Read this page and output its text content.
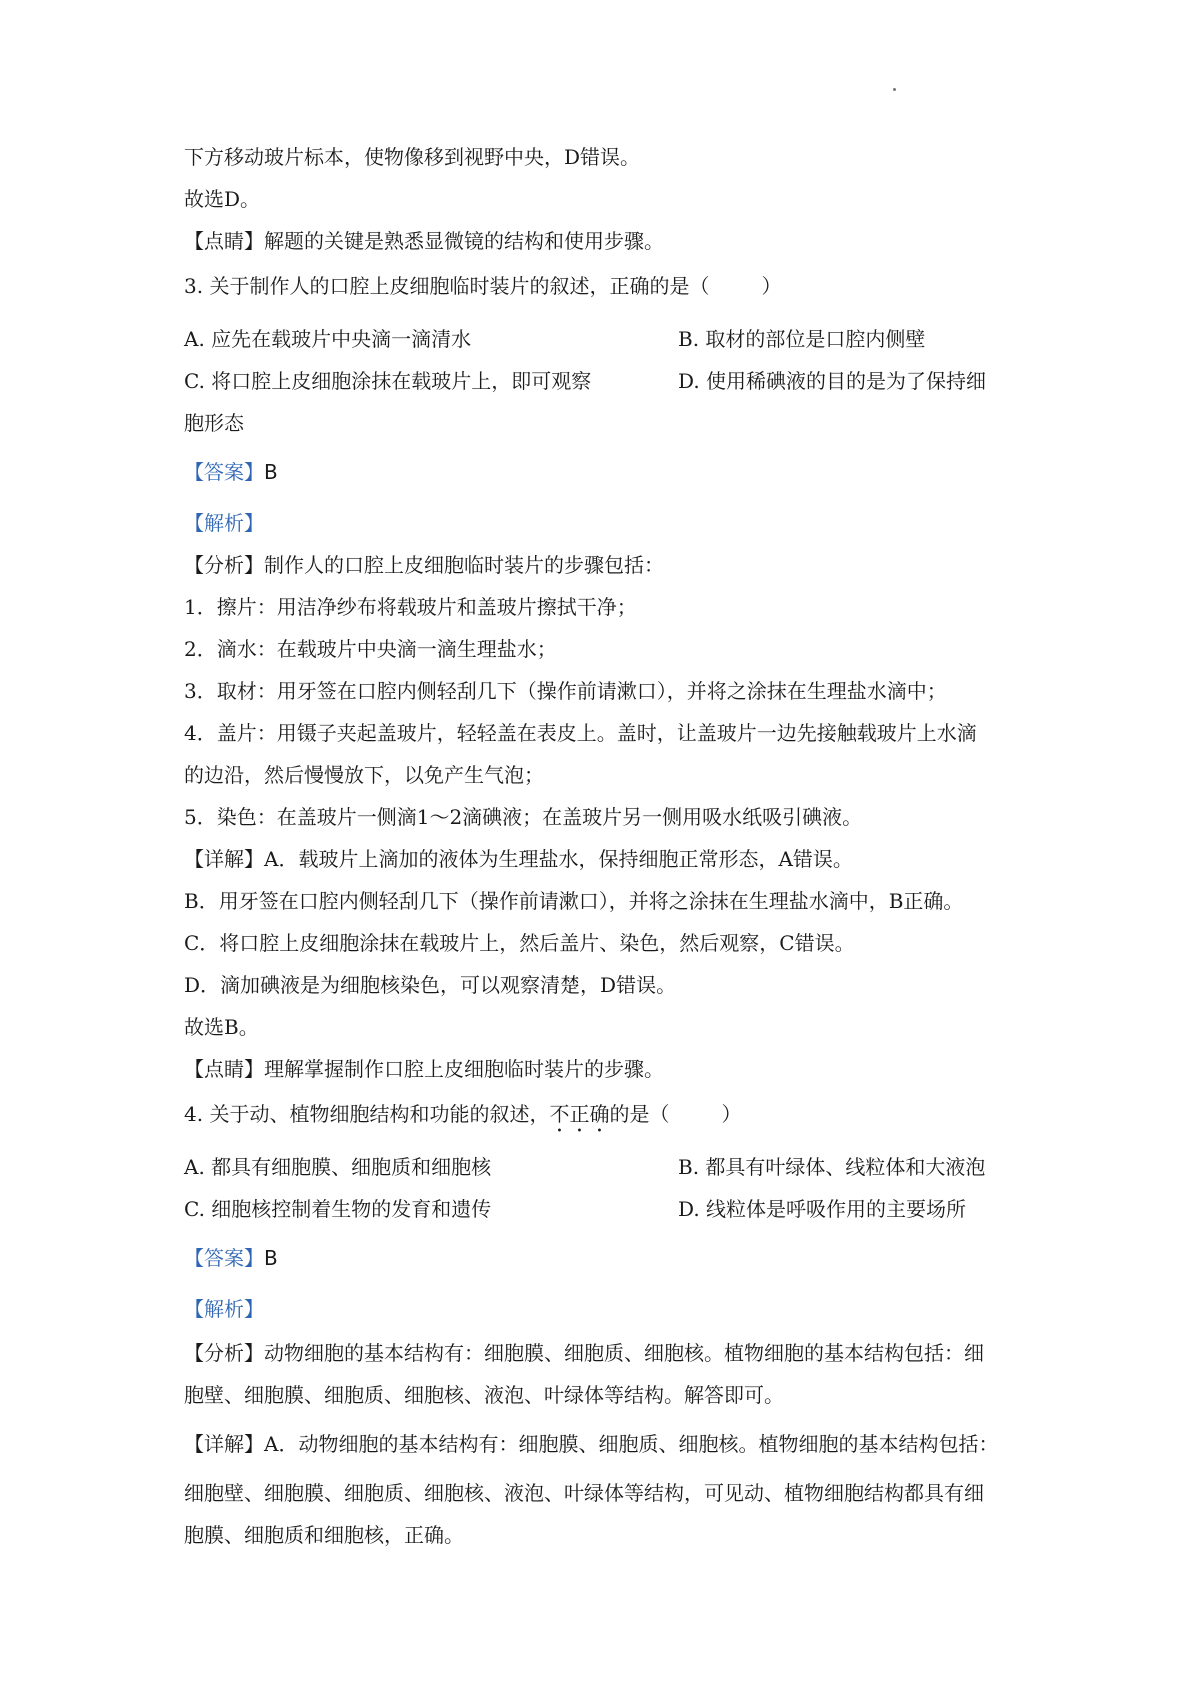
下方移动玻片标本，使物像移到视野中央，D错误。
故选D。
【点睛】解题的关键是熟悉显微镜的结构和使用步骤。
3. 关于制作人的口腔上皮细胞临时装片的叙述，正确的是（	）
A. 应先在载玻片中央滴一滴清水	B. 取材的部位是口腔内侧壁
C. 将口腔上皮细胞涂抹在载玻片上，即可观察	D. 使用稀碘液的目的是为了保持细
胞形态
【答案】B
【解析】
【分析】制作人的口腔上皮细胞临时装片的步骤包括：
1．擦片：用洁净纱布将载玻片和盖玻片擦拭干净；
2．滴水：在载玻片中央滴一滴生理盐水；
3．取材：用牙签在口腔内侧轻刮几下（操作前请漱口），并将之涂抹在生理盐水滴中；
4．盖片：用镊子夹起盖玻片，轻轻盖在表皮上。盖时，让盖玻片一边先接触载玻片上水滴
的边沿，然后慢慢放下，以免产生气泡；
5．染色：在盖玻片一侧滴1～2滴碘液；在盖玻片另一侧用吸水纸吸引碘液。
【详解】A．载玻片上滴加的液体为生理盐水，保持细胞正常形态，A错误。
B．用牙签在口腔内侧轻刮几下（操作前请漱口），并将之涂抹在生理盐水滴中，B正确。
C．将口腔上皮细胞涂抹在载玻片上，然后盖片、染色，然后观察，C错误。
D．滴加碘液是为细胞核染色，可以观察清楚，D错误。
故选B。
【点睛】理解掌握制作口腔上皮细胞临时装片的步骤。
4. 关于动、植物细胞结构和功能的叙述，不正确的是（	）
A. 都具有细胞膜、细胞质和细胞核	B. 都具有叶绿体、线粒体和大液泡
C. 细胞核控制着生物的发育和遗传	D. 线粒体是呼吸作用的主要场所
【答案】B
【解析】
【分析】动物细胞的基本结构有：细胞膜、细胞质、细胞核。植物细胞的基本结构包括：细
胞壁、细胞膜、细胞质、细胞核、液泡、叶绿体等结构。解答即可。
【详解】A．动物细胞的基本结构有：细胞膜、细胞质、细胞核。植物细胞的基本结构包括：
细胞壁、细胞膜、细胞质、细胞核、液泡、叶绿体等结构，可见动、植物细胞结构都具有细
胞膜、细胞质和细胞核，正确。
